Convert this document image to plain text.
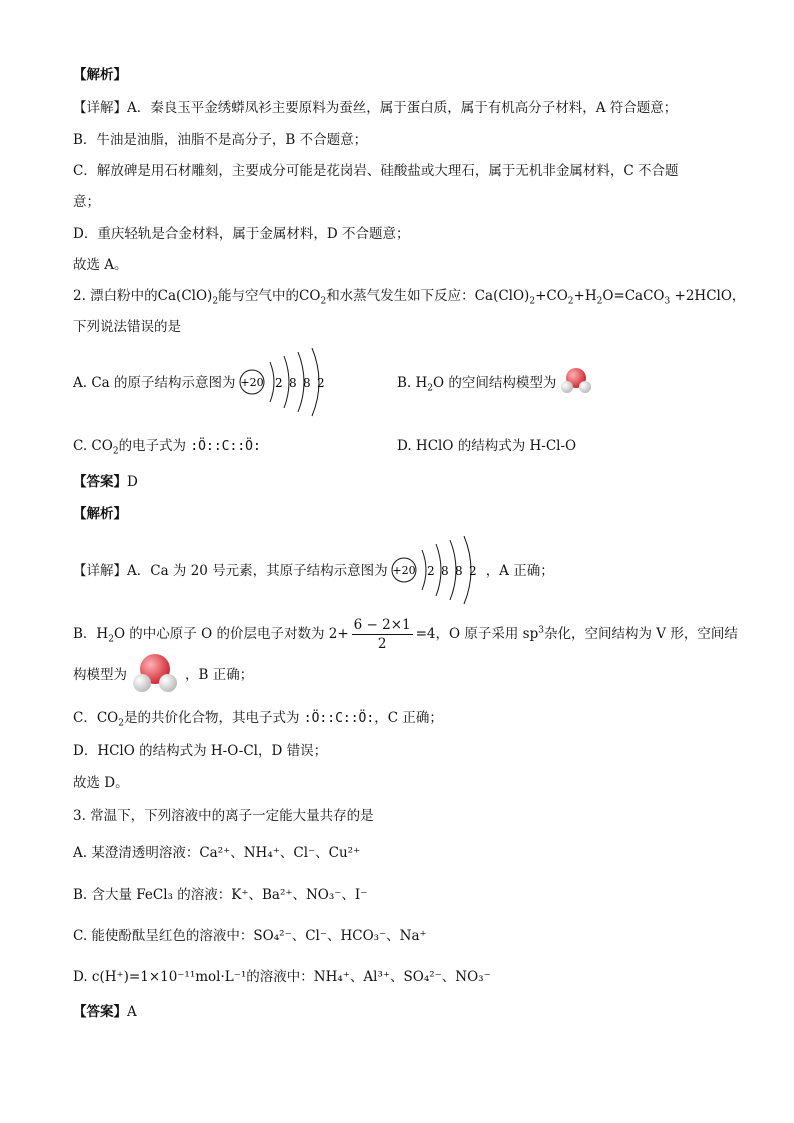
【解析】
【详解】A．秦良玉平金绣蟒凤衫主要原料为蚕丝，属于蛋白质，属于有机高分子材料，A 符合题意；
B．牛油是油脂，油脂不是高分子，B 不合题意；
C．解放碑是用石材雕刻，主要成分可能是花岗岩、硅酸盐或大理石，属于无机非金属材料，C 不合题
意；
D．重庆轻轨是合金材料，属于金属材料，D 不合题意；
故选 A。
2. 漂白粉中的$Ca(ClO)_2$能与空气中的$CO_2$和水蒸气发生如下反应：$Ca(ClO)_2+CO_2+H_2O=CaCO_3$ +2HClO，
下列说法错误的是
A. Ca 的原子结构示意图为 +20 2 8 8 2	B. $H_2O$ 的空间结构模型为
C. $CO_2$的电子式为 :Ö::C::Ö:	D. HClO 的结构式为 H-Cl-O
【答案】D
【解析】
【详解】A．Ca 为 20 号元素，其原子结构示意图为	，A 正确；
+20 2 8 8 2
B．$H_2O$ 的中心原子 O 的价层电子对数为 $2+ \frac{6 - 2\times 1}{2} =4$，O 原子采用 $sp^3$杂化，空间结构为 V 形，空间结
构模型为	，B 正确；
C．$CO_2$是的共价化合物，其电子式为 :Ö::C::Ö:，C 正确；
D．HClO 的结构式为 H-O-Cl，D 错误；
故选 D。
3. 常温下，下列溶液中的离子一定能大量共存的是
A. 某澄清透明溶液：Ca²⁺、NH₄⁺、Cl⁻、Cu²⁺
B. 含大量 FeCl₃ 的溶液：K⁺、Ba²⁺、NO₃⁻、I⁻
C. 能使酚酞呈红色的溶液中：SO₄²⁻、Cl⁻、HCO₃⁻、Na⁺
D. c(H⁺)=1×10⁻¹¹mol·L⁻¹的溶液中：NH₄⁺、Al³⁺、SO₄²⁻、NO₃⁻
【答案】A
